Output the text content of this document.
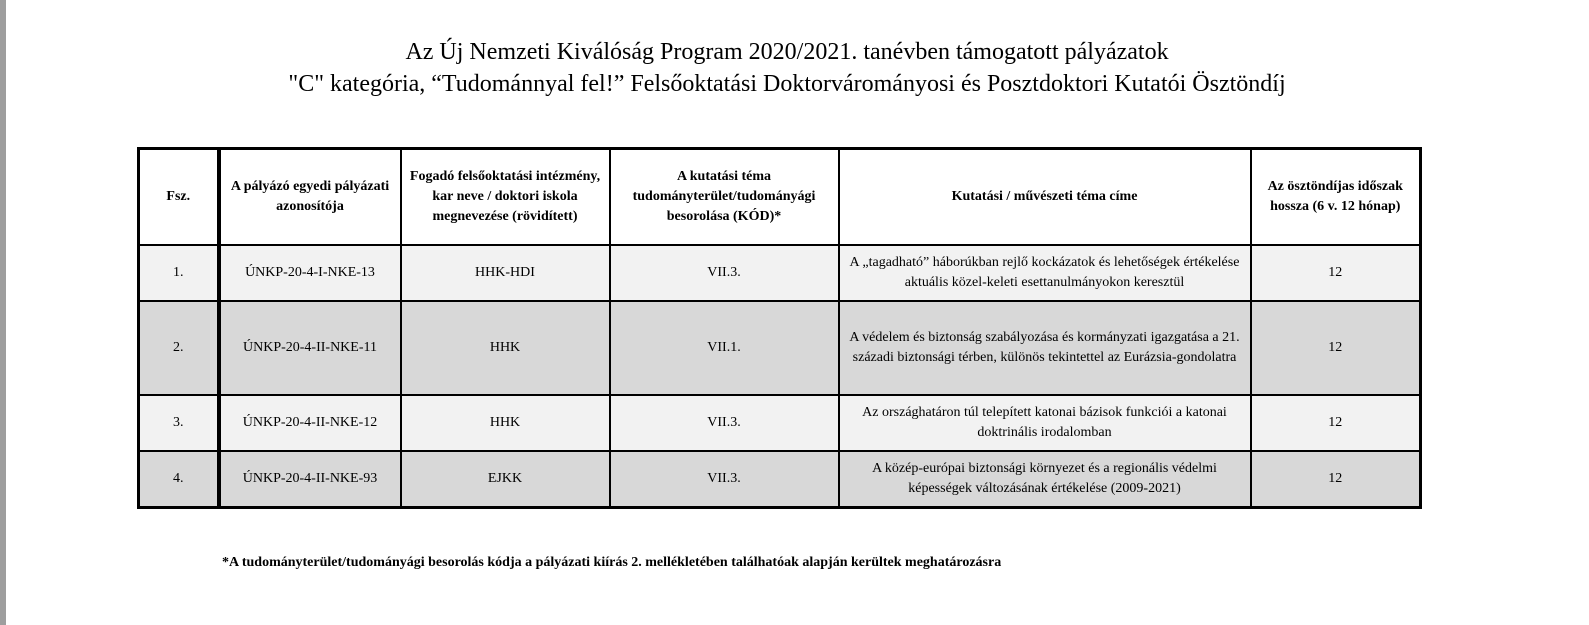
Az Új Nemzeti Kiválóság Program 2020/2021. tanévben támogatott pályázatok
"C" kategória, “Tudománnyal fel!” Felsőoktatási Doktorvárományosi és Posztdoktori Kutatói Ösztöndíj
Fsz.	A pályázó egyedi pályázati azonosítója	Fogadó felsőoktatási intézmény, kar neve / doktori iskola megnevezése (rövidített)	A kutatási téma tudományterület/tudományági besorolása (KÓD)*	Kutatási / művészeti téma címe	Az ösztöndíjas időszak hossza (6 v. 12 hónap)
1.	ÚNKP-20-4-I-NKE-13	HHK-HDI	VII.3.	A „tagadható” háborúkban rejlő kockázatok és lehetőségek értékelése aktuális közel-keleti esettanulmányokon keresztül	12
2.	ÚNKP-20-4-II-NKE-11	HHK	VII.1.	A védelem és biztonság szabályozása és kormányzati igazgatása a 21. századi biztonsági térben, különös tekintettel az Eurázsia-gondolatra	12
3.	ÚNKP-20-4-II-NKE-12	HHK	VII.3.	Az országhatáron túl telepített katonai bázisok funkciói a katonai doktrinális irodalomban	12
4.	ÚNKP-20-4-II-NKE-93	EJKK	VII.3.	A közép-európai biztonsági környezet és a regionális védelmi képességek változásának értékelése (2009-2021)	12
*A tudományterület/tudományági besorolás kódja a pályázati kiírás 2. mellékletében találhatóak alapján kerültek meghatározásra
